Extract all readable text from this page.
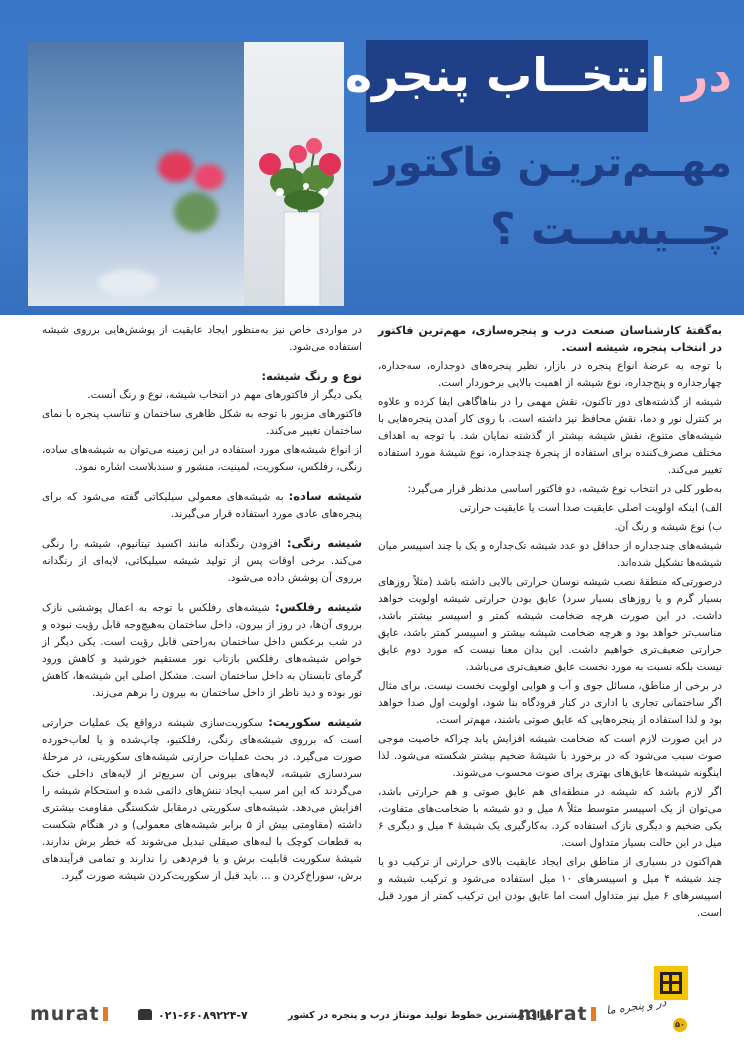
در انتخــاب پنجره
مهــم‌تریـن فاکتور
چــیســت ؟

به‌گفتهٔ کارشناسان صنعت درب و پنجره‌سازی، مهم‌ترین فاکتور در انتخاب پنجره، شیشه است.

با توجه به عرضهٔ انواع پنجره در بازار، نظیر پنجره‌های دوجداره، سه‌جداره، چهارجداره و پنج‌جداره، نوع شیشه از اهمیت بالایی برخوردار است.

شیشه از گذشته‌های دور تاکنون، نقش مهمی را در بناهاگاهی ایفا کرده و علاوه بر کنترل نور و دما، نقش محافظ نیز داشته است. با روی کار آمدن پنجره‌هایی با شیشه‌های متنوع، نقش شیشه بیشتر از گذشته نمایان شد. با توجه به اهداف مختلف مصرف‌کننده برای استفاده از پنجرهٔ چندجداره، نوع شیشهٔ مورد استفاده تغییر می‌کند.

به‌طور کلی در انتخاب نوع شیشه، دو فاکتور اساسی مدنظر قرار می‌گیرد:

الف) اینکه اولویت اصلی عایقیت صدا است یا عایقیت حرارتی

ب) نوع شیشه و رنگ آن.

شیشه‌های چندجداره از حداقل دو عدد شیشه تک‌جداره و یک یا چند اسپیسر میان شیشه‌ها تشکیل شده‌اند.

درصورتی‌که منطقهٔ نصب شیشه نوسان حرارتی بالایی داشته باشد (مثلاً روزهای بسیار گرم و یا روزهای بسیار سرد) عایق بودن حرارتی شیشه اولویت خواهد داشت. در این صورت هرچه ضخامت شیشه کمتر و اسپیسر بیشتر باشد، مناسب‌تر خواهد بود و هرچه ضخامت شیشه بیشتر و اسپیسر کمتر باشد، عایق حرارتی ضعیف‌تری خواهیم داشت. این بدان معنا نیست که مورد دوم عایق نیست بلکه نسبت به مورد نخست عایق ضعیف‌تری می‌باشد.

در برخی از مناطق، مسائل جوی و آب و هوایی اولویت نخست نیست. برای مثال اگر ساختمانی تجاری یا اداری در کنار فرودگاه بنا شود، اولویت اول صدا خواهد بود و لذا استفاده از پنجره‌هایی که عایق صوتی باشند، مهم‌تر است.

در این صورت لازم است که ضخامت شیشه افزایش یابد چراکه خاصیت موجی صوت سبب می‌شود که در برخورد با شیشهٔ ضخیم بیشتر شکسته می‌شود. لذا اینگونه شیشه‌ها عایق‌های بهتری برای صوت محسوب می‌شوند.

اگر لازم باشد که شیشه در منطقه‌ای هم عایق صوتی و هم حرارتی باشد، می‌توان از یک اسپیسر متوسط مثلاً ۸ میل و دو شیشه با ضخامت‌های متفاوت، یکی ضخیم و دیگری نازک استفاده کرد. به‌کارگیری یک شیشهٔ ۴ میل و دیگری ۶ میل در این حالت بسیار متداول است.

هم‌اکنون در بسیاری از مناطق برای ایجاد عایقیت بالای حرارتی از ترکیب دو یا چند شیشه ۴ میل و اسپیسرهای ۱۰ میل استفاده می‌شود و ترکیب شیشه و اسپیسرهای ۶ میل نیز متداول است اما عایق بودن این ترکیب کمتر از مورد قبل است.

در مواردی خاص نیز به‌منظور ایجاد عایقیت از پوشش‌هایی برروی شیشه استفاده می‌شود.

نوع و رنگ شیشه:

یکی دیگر از فاکتورهای مهم در انتخاب شیشه، نوع و رنگ آنست.

فاکتورهای مزبور با توجه به شکل ظاهری ساختمان و تناسب پنجره با نمای ساختمان تغییر می‌کند.

از انواع شیشه‌های مورد استفاده در این زمینه می‌توان به شیشه‌های ساده، رنگی، رفلکس، سکوریت، لمینیت، منشور و سندبلاست اشاره نمود.

شیشه ساده: به شیشه‌های معمولی سیلیکاتی گفته می‌شود که برای پنجره‌های عادی مورد استفاده قرار می‌گیرند.

شیشه رنگی: افزودن رنگدانه مانند اکسید تیتانیوم، شیشه را رنگی می‌کند. برخی اوقات پس از تولید شیشه سیلیکاتی، لایه‌ای از رنگدانه برروی آن پوشش داده می‌شود.

شیشه رفلکس: شیشه‌های رفلکس با توجه به اعمال پوششی نازک برروی آن‌ها، در روز از بیرون، داخل ساختمان به‌هیچ‌وجه قابل رؤیت نبوده و در شب برعکس داخل ساختمان به‌راحتی قابل رؤیت است. یکی دیگر از خواص شیشه‌های رفلکس بازتاب نور مستقیم خورشید و کاهش ورود گرمای تابستان به داخل ساختمان است. مشکل اصلی این شیشه‌ها، کاهش نور بوده و دید ناظر از داخل ساختمان به بیرون را برهم می‌زند.

شیشه سکوریت: سکوریت‌سازی شیشه درواقع یک عملیات حرارتی است که برروی شیشه‌های رنگی، رفلکتیو، چاپ‌شده و یا لعاب‌خورده صورت می‌گیرد. در بحث عملیات حرارتی شیشه‌های سکوریتی، در مرحلهٔ سردسازی شیشه، لایه‌های بیرونی آن سریع‌تر از لایه‌های داخلی خنک می‌گردند که این امر سبب ایجاد تنش‌های دائمی شده و استحکام شیشه را افزایش می‌دهد. شیشه‌های سکوریتی درمقابل شکستگی مقاومت بیشتری داشته (مقاومتی بیش از ۵ برابر شیشه‌های معمولی) و در هنگام شکست به قطعات کوچک با لبه‌های صیقلی تبدیل می‌شوند که خطر برش ندارند. شیشهٔ سکوریت قابلیت برش و یا فرم‌دهی را ندارند و تمامی فرآیندهای برش، سوراخ‌کردن و ... باید قبل از سکوریت‌کردن شیشه صورت گیرد.

murat	۰۲۱-۶۶۰۸۹۲۲۴-۷	دارای بیشترین خطوط تولید مونتاژ درب و پنجره در کشور
murat	در و پنجره ما
۵۰
